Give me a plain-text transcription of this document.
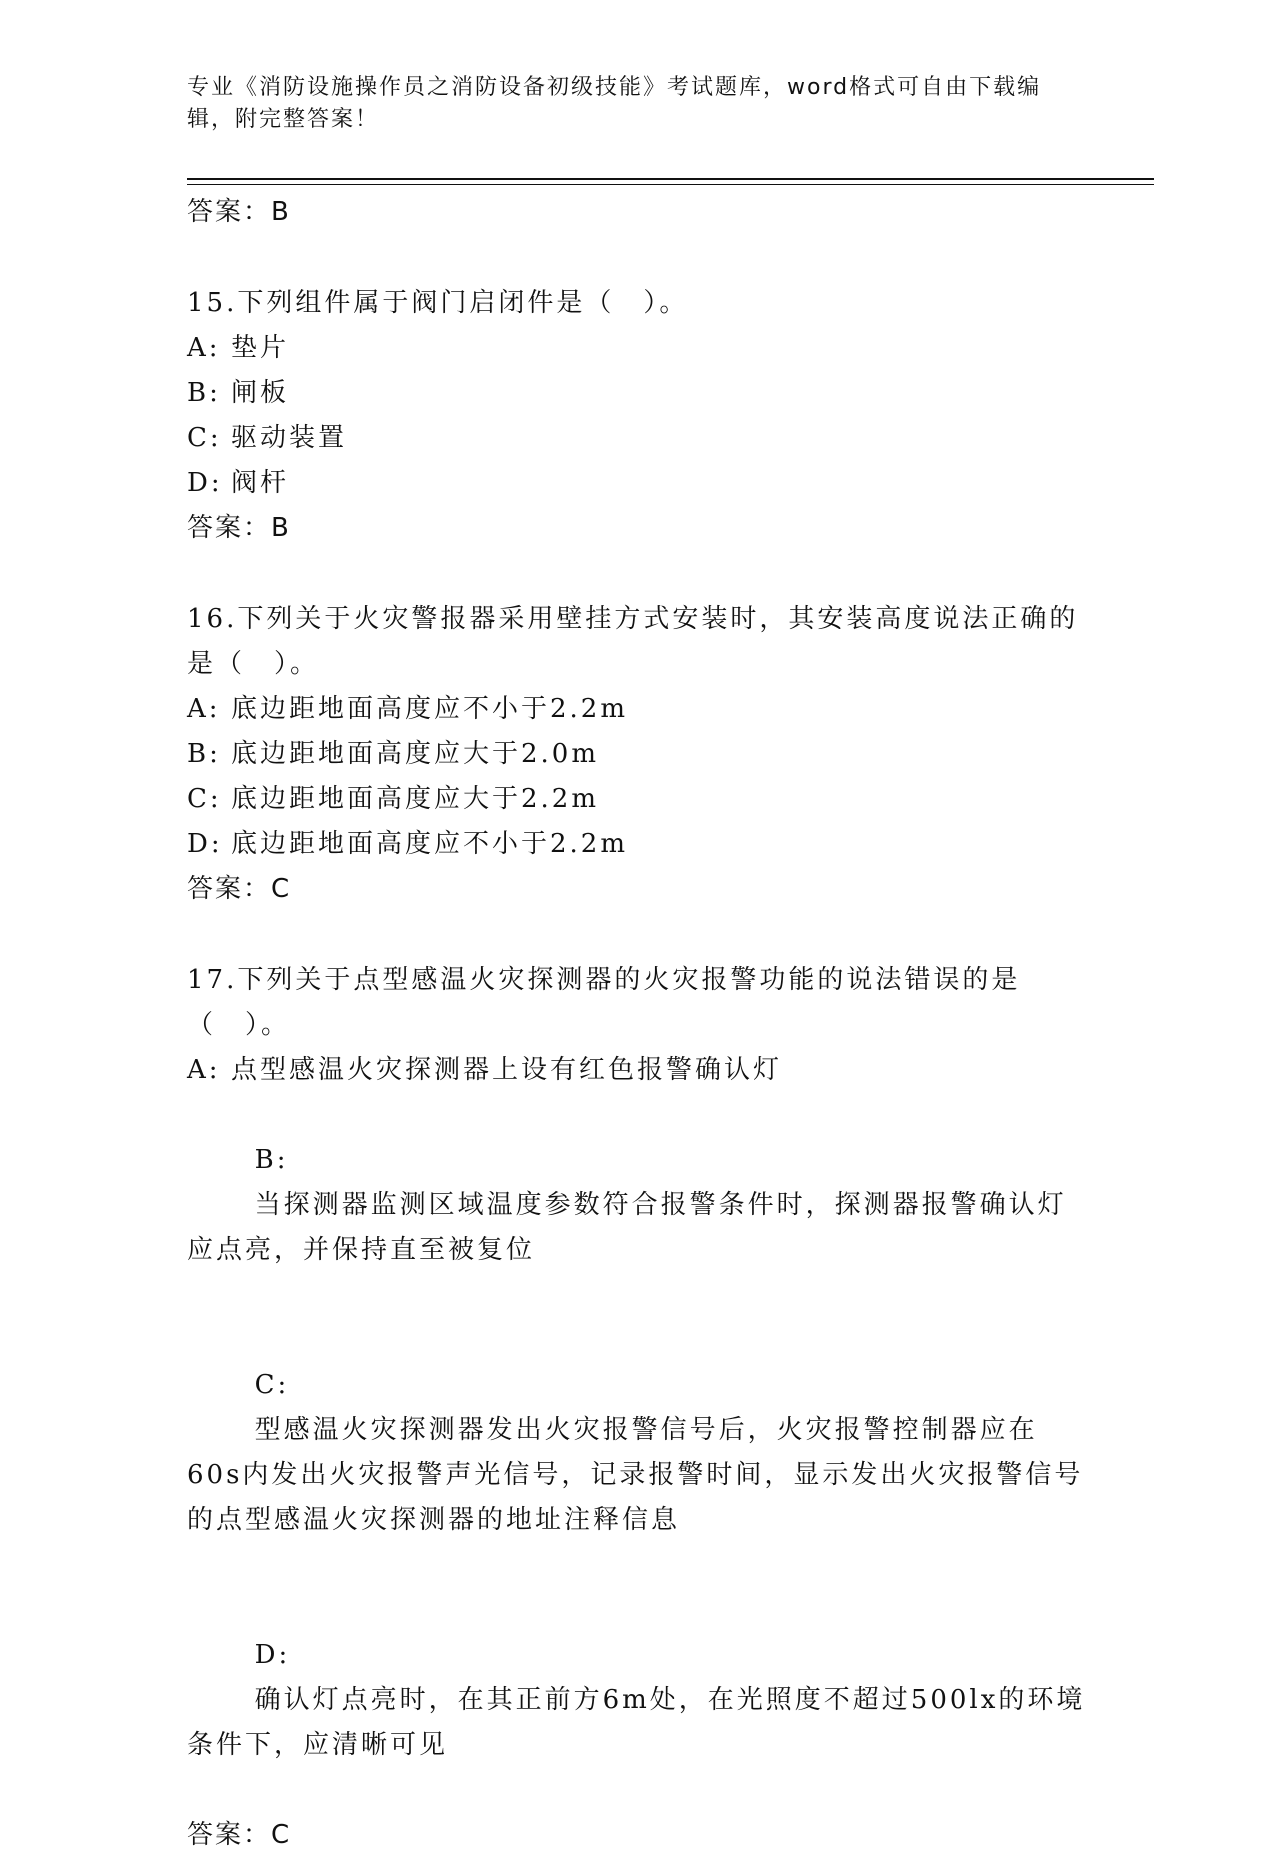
专业《消防设施操作员之消防设备初级技能》考试题库，word格式可自由下载编辑，附完整答案！
答案：B
15.下列组件属于阀门启闭件是（　）。
A: 垫片
B: 闸板
C: 驱动装置
D: 阀杆
答案：B
16.下列关于火灾警报器采用壁挂方式安装时，其安装高度说法正确的是（　）。
A: 底边距地面高度应不小于2.2m
B: 底边距地面高度应大于2.0m
C: 底边距地面高度应大于2.2m
D: 底边距地面高度应不小于2.2m
答案：C
17.下列关于点型感温火灾探测器的火灾报警功能的说法错误的是（　）。
A: 点型感温火灾探测器上设有红色报警确认灯

B:
当探测器监测区域温度参数符合报警条件时，探测器报警确认灯应点亮，并保持直至被复位

C:
型感温火灾探测器发出火灾报警信号后，火灾报警控制器应在60s内发出火灾报警声光信号，记录报警时间，显示发出火灾报警信号的点型感温火灾探测器的地址注释信息

D:
确认灯点亮时，在其正前方6m处，在光照度不超过500lx的环境条件下，应清晰可见

答案：C
